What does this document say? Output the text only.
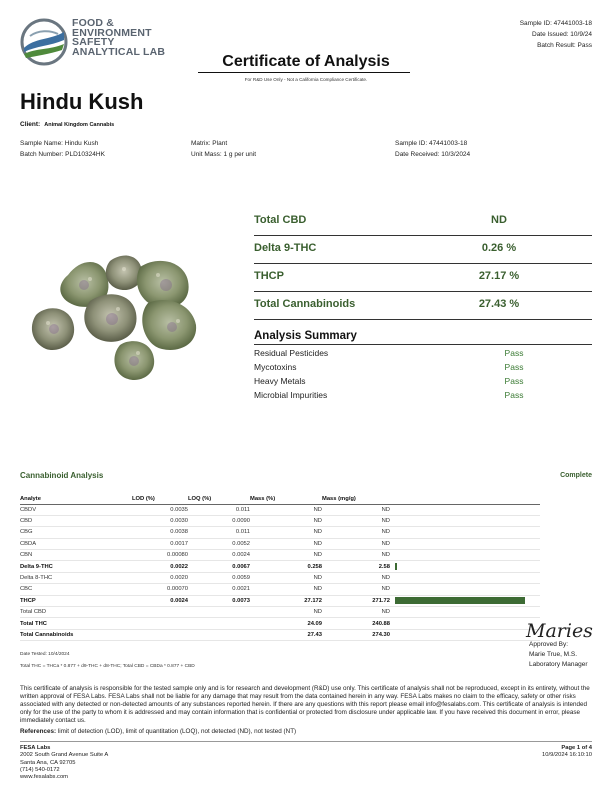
FOOD &
ENVIRONMENT
SAFETY
ANALYTICAL LAB
Sample ID: 47441003-18
Date Issued: 10/9/24
Batch Result: Pass
Certificate of Analysis
For R&D Use Only - Not a California Compliance Certificate.
Hindu Kush
Client: Animal Kingdom Cannabis
Sample Name: Hindu Kush
Batch Number: PLD10324HK
Matrix: Plant
Unit Mass: 1 g per unit
Sample ID: 47441003-18
Date Received: 10/3/2024
Total CBD	ND
Delta 9-THC	0.26 %
THCP	27.17 %
Total Cannabinoids	27.43 %
Analysis Summary
Residual Pesticides	Pass
Mycotoxins	Pass
Heavy Metals	Pass
Microbial Impurities	Pass
Cannabinoid Analysis	Complete
Analyte	LOD (%)	LOQ (%)	Mass (%)	Mass (mg/g)	
CBDV	0.0035	0.011	ND	ND	
CBD	0.0030	0.0090	ND	ND	
CBG	0.0038	0.011	ND	ND	
CBDA	0.0017	0.0052	ND	ND	
CBN	0.00080	0.0024	ND	ND	
Delta 9-THC	0.0022	0.0067	0.258	2.58	

Delta 8-THC	0.0020	0.0059	ND	ND	
CBC	0.00070	0.0021	ND	ND	
THCP	0.0024	0.0073	27.172	271.72	

Total CBD			ND	ND	
Total THC			24.09	240.88	
Total Cannabinoids			27.43	274.30	
Date Tested: 10/4/2024
Total THC = THCa * 0.877 + d9-THC + d8-THC; Total CBD = CBDa * 0.877 + CBD
Maries
Approved By:
Marie True, M.S.
Laboratory Manager
This certificate of analysis is responsible for the tested sample only and is for research and development (R&D) use only. This certificate of analysis shall not be reproduced, except in its entirety, without the written approval of FESA Labs. FESA Labs shall not be liable for any damage that may result from the data contained herein in any way. FESA Labs makes no claim to the efficacy, safety or other risks associated with any detected or non-detected amounts of any substances reported herein. If there are any questions with this report please email info@fesalabs.com. This certificate of analysis is intended only for the use of the party to whom it is addressed and may contain information that is confidential or protected from disclosure under applicable law. If you have received this document in error, please immediately contact us.
References: limit of detection (LOD), limit of quantitation (LOQ), not detected (ND), not tested (NT)
FESA Labs
2002 South Grand Avenue Suite A
Santa Ana, CA 92705
(714) 540-0172
www.fesalabs.com
Page 1 of 4
10/9/2024 16:10:10
